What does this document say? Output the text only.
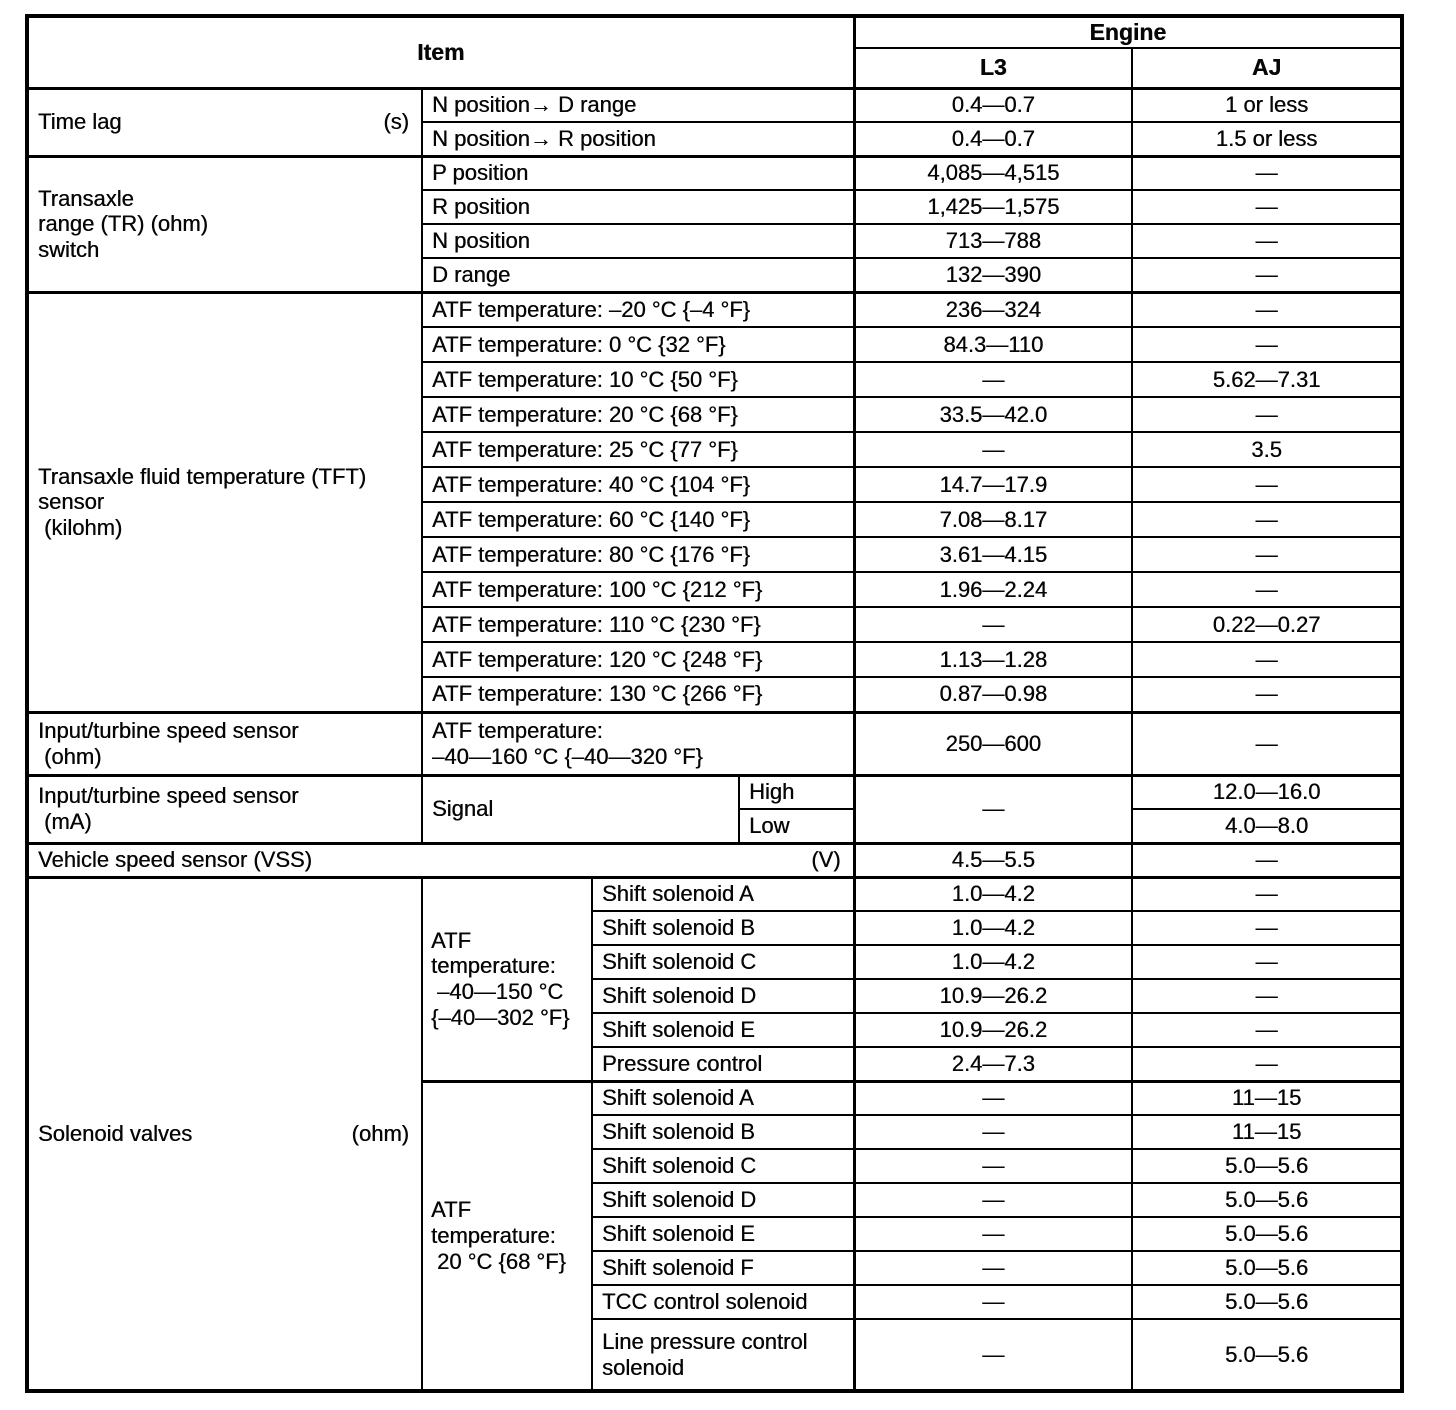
Item				Engine	
				L3	AJ

Time lag (s)	N position→ D range			0.4—0.7	1 or less
	N position→ R position			0.4—0.7	1.5 or less

Transaxle
range (TR) (ohm)
switch	P position			4,085—4,515	—
	R position			1,425—1,575	—
	N position			713—788	—
	D range			132—390	—

Transaxle fluid temperature (TFT)
sensor
(kilohm)	ATF temperature: –20 °C {–4 °F}			236—324	—
	ATF temperature: 0 °C {32 °F}			84.3—110	—
	ATF temperature: 10 °C {50 °F}			—	5.62—7.31
	ATF temperature: 20 °C {68 °F}			33.5—42.0	—
	ATF temperature: 25 °C {77 °F}			—	3.5
	ATF temperature: 40 °C {104 °F}			14.7—17.9	—
	ATF temperature: 60 °C {140 °F}			7.08—8.17	—
	ATF temperature: 80 °C {176 °F}			3.61—4.15	—
	ATF temperature: 100 °C {212 °F}			1.96—2.24	—
	ATF temperature: 110 °C {230 °F}			—	0.22—0.27
	ATF temperature: 120 °C {248 °F}			1.13—1.28	—
	ATF temperature: 130 °C {266 °F}			0.87—0.98	—

Input/turbine speed sensor
(ohm)	ATF temperature:
–40—160 °C {–40—320 °F}			250—600	—

Input/turbine speed sensor
(mA)	Signal		High	—	12.0—16.0
			Low		4.0—8.0

Vehicle speed sensor (VSS) (V)				4.5—5.5	—

Solenoid valves (ohm)	ATF
temperature:
–40—150 °C
{–40—302 °F}	Shift solenoid A		1.0—4.2	—
		Shift solenoid B		1.0—4.2	—
		Shift solenoid C		1.0—4.2	—
		Shift solenoid D		10.9—26.2	—
		Shift solenoid E		10.9—26.2	—
		Pressure control		2.4—7.3	—

	ATF
temperature:
20 °C {68 °F}	Shift solenoid A		—	11—15
		Shift solenoid B		—	11—15
		Shift solenoid C		—	5.0—5.6
		Shift solenoid D		—	5.0—5.6
		Shift solenoid E		—	5.0—5.6
		Shift solenoid F		—	5.0—5.6
		TCC control solenoid		—	5.0—5.6
		Line pressure control solenoid		—	5.0—5.6
